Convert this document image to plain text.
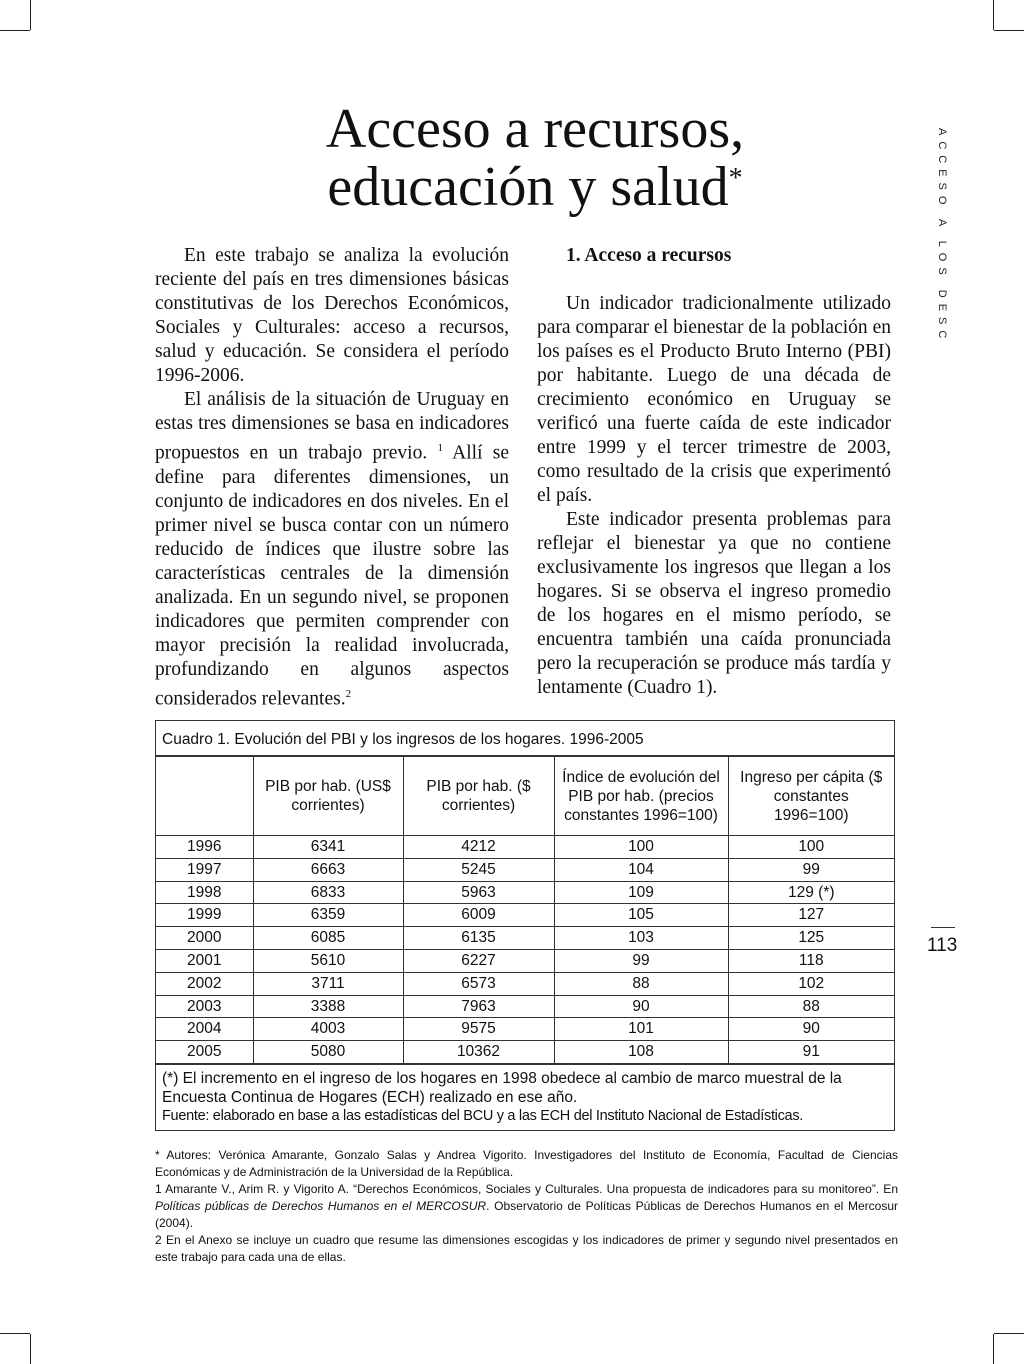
Acceso a recursos,
educación y salud*	ACCESO A LOS DESC

En este trabajo se analiza la evolución reciente del país en tres dimensiones básicas constitutivas de los Derechos Económicos, Sociales y Culturales: acceso a recursos, salud y educación. Se considera el período 1996-2006.

El análisis de la situación de Uruguay en estas tres dimensiones se basa en indicadores propuestos en un trabajo previo. $^1$ Allí se define para diferentes dimensiones, un conjunto de indicadores en dos niveles. En el primer nivel se busca contar con un número reducido de índices que ilustre sobre las características centrales de la dimensión analizada. En un segundo nivel, se proponen indicadores que permiten comprender con mayor precisión la realidad involucrada, profundizando en algunos aspectos considerados relevantes.$^2$

1. Acceso a recursos

Un indicador tradicionalmente utilizado para comparar el bienestar de la población en los países es el Producto Bruto Interno (PBI) por habitante. Luego de una década de crecimiento económico en Uruguay se verificó una fuerte caída de este indicador entre 1999 y el tercer trimestre de 2003, como resultado de la crisis que experimentó el país.

Este indicador presenta problemas para reflejar el bienestar ya que no contiene exclusivamente los ingresos que llegan a los hogares. Si se observa el ingreso promedio de los hogares en el mismo período, se encuentra también una caída pronunciada pero la recuperación se produce más tardía y lentamente (Cuadro 1).

Cuadro 1. Evolución del PBI y los ingresos de los hogares. 1996-2005
	PIB por hab. (US$ corrientes)	PIB por hab. ($ corrientes)	Índice de evolución del PIB por hab. (precios constantes 1996=100)	Ingreso per cápita ($ constantes 1996=100)
1996	6341	4212	100	100
1997	6663	5245	104	99
1998	6833	5963	109	129 (*)
1999	6359	6009	105	127
2000	6085	6135	103	125
2001	5610	6227	99	118
2002	3711	6573	88	102
2003	3388	7963	90	88
2004	4003	9575	101	90
2005	5080	10362	108	91
(*) El incremento en el ingreso de los hogares en 1998 obedece al cambio de marco muestral de la Encuesta Continua de Hogares (ECH) realizado en ese año.
Fuente: elaborado en base a las estadísticas del BCU y a las ECH del Instituto Nacional de Estadísticas.

* Autores: Verónica Amarante, Gonzalo Salas y Andrea Vigorito. Investigadores del Instituto de Economía, Facultad de Ciencias Económicas y de Administración de la Universidad de la República.

1 Amarante V., Arim R. y Vigorito A. “Derechos Económicos, Sociales y Culturales. Una propuesta de indicadores para su monitoreo”. En Políticas públicas de Derechos Humanos en el MERCOSUR. Observatorio de Políticas Públicas de Derechos Humanos en el Mercosur (2004).

2 En el Anexo se incluye un cuadro que resume las dimensiones escogidas y los indicadores de primer y segundo nivel presentados en este trabajo para cada una de ellas.

113
